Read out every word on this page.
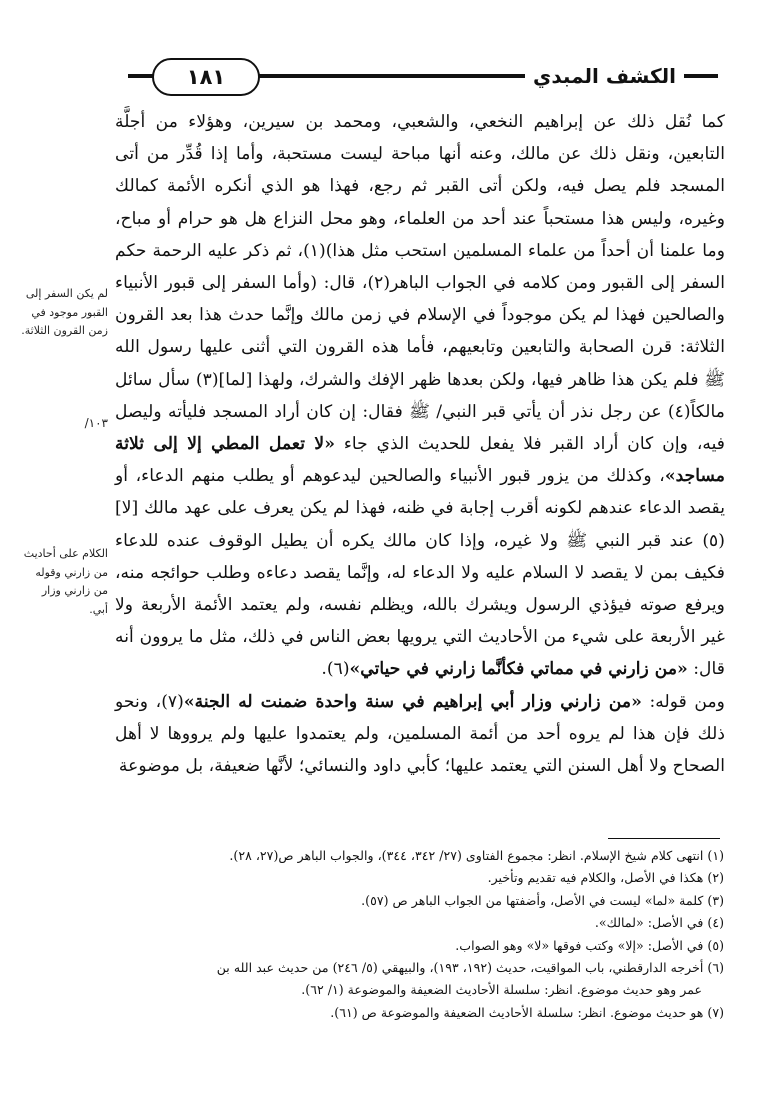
١٨١	الكشف المبدي

كما نُقل ذلك عن إبراهيم النخعي، والشعبي، ومحمد بن سيرين، وهؤلاء من أجلَّة التابعين، ونقل ذلك عن مالك، وعنه أنها مباحة ليست مستحبة، وأما إذا قُدِّر من أتى المسجد فلم يصل فيه، ولكن أتى القبر ثم رجع، فهذا هو الذي أنكره الأئمة كمالك وغيره، وليس هذا مستحباً عند أحد من العلماء، وهو محل النزاع هل هو حرام أو مباح، وما علمنا أن أحداً من علماء المسلمين استحب مثل هذا)(١)، ثم ذكر عليه الرحمة حكم السفر إلى القبور ومن كلامه في الجواب الباهر(٢)، قال: (وأما السفر إلى قبور الأنبياء والصالحين فهذا لم يكن موجوداً في الإسلام في زمن مالك وإنَّما حدث هذا بعد القرون الثلاثة: قرن الصحابة والتابعين وتابعيهم، فأما هذه القرون التي أثنى عليها رسول الله ﷺ فلم يكن هذا ظاهر فيها، ولكن بعدها ظهر الإفك والشرك، ولهذا [لما](٣) سأل سائل مالكاً(٤) عن رجل نذر أن يأتي قبر النبي/ ﷺ فقال: إن كان أراد المسجد فليأته وليصل فيه، وإن كان أراد القبر فلا يفعل للحديث الذي جاء «لا تعمل المطي إلا إلى ثلاثة مساجد»، وكذلك من يزور قبور الأنبياء والصالحين ليدعوهم أو يطلب منهم الدعاء، أو يقصد الدعاء عندهم لكونه أقرب إجابة في ظنه، فهذا لم يكن يعرف على عهد مالك [لا](٥) عند قبر النبي ﷺ ولا غيره، وإذا كان مالك يكره أن يطيل الوقوف عنده للدعاء فكيف بمن لا يقصد لا السلام عليه ولا الدعاء له، وإنَّما يقصد دعاءه وطلب حوائجه منه، ويرفع صوته فيؤذي الرسول ويشرك بالله، ويظلم نفسه، ولم يعتمد الأئمة الأربعة ولا غير الأربعة على شيء من الأحاديث التي يرويها بعض الناس في ذلك، مثل ما يروون أنه قال: «من زارني في مماتي فكأنَّما زارني في حياتي»(٦).

ومن قوله: «من زارني وزار أبي إبراهيم في سنة واحدة ضمنت له الجنة»(٧)، ونحو ذلك فإن هذا لم يروه أحد من أئمة المسلمين، ولم يعتمدوا عليها ولم يرووها لا أهل الصحاح ولا أهل السنن التي يعتمد عليها؛ كأبي داود والنسائي؛ لأنَّها ضعيفة، بل موضوعة

لم يكن السفر إلى القبور موجود في زمن القرون الثلاثة.
١٠٣/
الكلام على أحاديث من زارني وقوله من زارني وزار أبي.
(١) انتهى كلام شيخ الإسلام. انظر: مجموع الفتاوى (٢٧/ ٣٤٢، ٣٤٤)، والجواب الباهر ص(٢٧، ٢٨).
(٢) هكذا في الأصل، والكلام فيه تقديم وتأخير.
(٣) كلمة «لما» ليست في الأصل، وأضفتها من الجواب الباهر ص (٥٧).
(٤) في الأصل: «لمالك».
(٥) في الأصل: «إلا» وكتب فوقها «لا» وهو الصواب.
(٦) أخرجه الدارقطني، باب المواقيت، حديث (١٩٢، ١٩٣)، والبيهقي (٥/ ٢٤٦) من حديث عبد الله بن
عمر وهو حديث موضوع. انظر: سلسلة الأحاديث الضعيفة والموضوعة (١/ ٦٢).
(٧) هو حديث موضوع. انظر: سلسلة الأحاديث الضعيفة والموضوعة ص (٦١).
